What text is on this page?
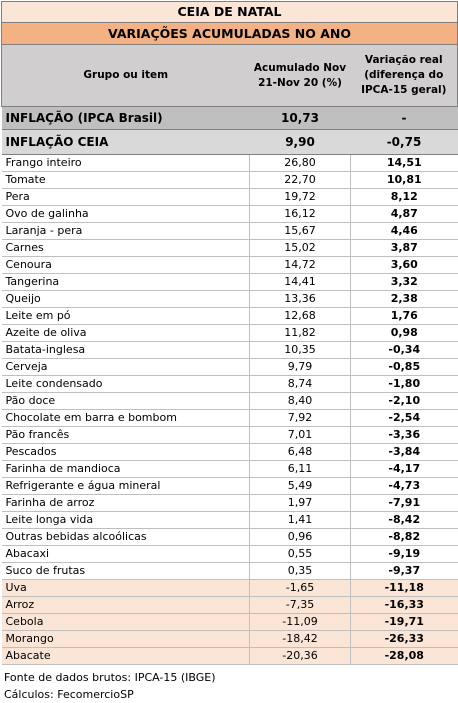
CEIA DE NATAL		
VARIAÇÕES ACUMULADAS NO ANO		
Grupo ou item	Acumulado Nov 21-Nov 20 (%)	Variação real (diferença do IPCA-15 geral)
INFLAÇÃO (IPCA Brasil)	10,73	-
INFLAÇÃO CEIA	9,90	-0,75
Frango inteiro	26,80	14,51
Tomate	22,70	10,81
Pera	19,72	8,12
Ovo de galinha	16,12	4,87
Laranja - pera	15,67	4,46
Carnes	15,02	3,87
Cenoura	14,72	3,60
Tangerina	14,41	3,32
Queijo	13,36	2,38
Leite em pó	12,68	1,76
Azeite de oliva	11,82	0,98
Batata-inglesa	10,35	-0,34
Cerveja	9,79	-0,85
Leite condensado	8,74	-1,80
Pão doce	8,40	-2,10
Chocolate em barra e bombom	7,92	-2,54
Pão francês	7,01	-3,36
Pescados	6,48	-3,84
Farinha de mandioca	6,11	-4,17
Refrigerante e água mineral	5,49	-4,73
Farinha de arroz	1,97	-7,91
Leite longa vida	1,41	-8,42
Outras bebidas alcoólicas	0,96	-8,82
Abacaxi	0,55	-9,19
Suco de frutas	0,35	-9,37
Uva	-1,65	-11,18
Arroz	-7,35	-16,33
Cebola	-11,09	-19,71
Morango	-18,42	-26,33
Abacate	-20,36	-28,08
Fonte de dados brutos: IPCA-15 (IBGE)
Cálculos: FecomercioSP
